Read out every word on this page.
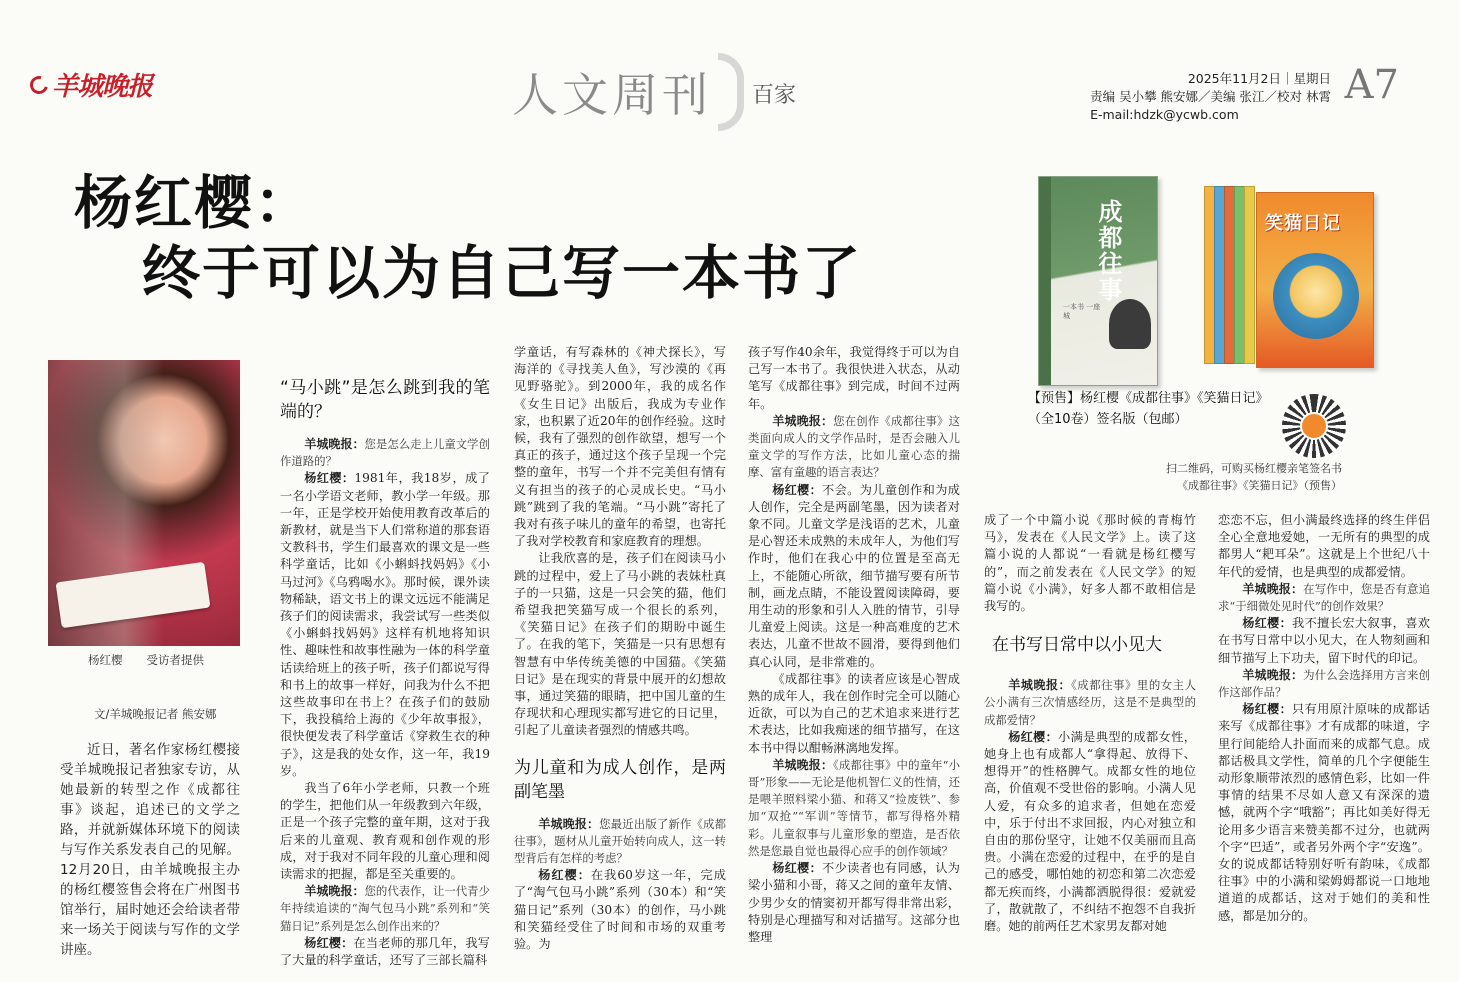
羊城晚报	人文周刊 百家
2025年11月2日｜星期日
责编 吴小攀 熊安娜／美编 张江／校对 林霄
E-mail:hdzk@ycwb.com
A7
杨红樱：
终于可以为自己写一本书了	成都往事
一本书 一座城
笑猫日记
【预售】杨红樱《成都往事》《笑猫日记》（全10卷）签名版（包邮）
扫二维码，可购买杨红樱亲笔签名书
《成都往事》《笑猫日记》（预售）
杨红樱 受访者提供
文/羊城晚报记者 熊安娜
近日，著名作家杨红樱接受羊城晚报记者独家专访，从她最新的转型之作《成都往事》谈起，追述已的文学之路，并就新媒体环境下的阅读与写作关系发表自己的见解。12月20日，由羊城晚报主办的杨红樱签售会将在广州图书馆举行，届时她还会给读者带来一场关于阅读与写作的文学讲座。
“马小跳”是怎么跳到我的笔端的？

羊城晚报：您是怎么走上儿童文学创作道路的？

杨红樱：1981年，我18岁，成了一名小学语文老师，教小学一年级。那一年，正是学校开始使用教育改革后的新教材，就是当下人们常称道的那套语文教科书，学生们最喜欢的课文是一些科学童话，比如《小蝌蚪找妈妈》《小马过河》《乌鸦喝水》。那时候，课外读物稀缺，语文书上的课文远远不能满足孩子们的阅读需求，我尝试写一些类似《小蝌蚪找妈妈》这样有机地将知识性、趣味性和故事性融为一体的科学童话读给班上的孩子听，孩子们都说写得和书上的故事一样好，问我为什么不把这些故事印在书上？在孩子们的鼓励下，我投稿给上海的《少年故事报》，很快便发表了科学童话《穿救生衣的种子》，这是我的处女作，这一年，我19岁。

我当了6年小学老师，只教一个班的学生，把他们从一年级教到六年级，正是一个孩子完整的童年期，这对于我后来的儿童观、教育观和创作观的形成，对于我对不同年段的儿童心理和阅读需求的把握，都是至关重要的。

羊城晚报：您的代表作，让一代青少年持续追读的“淘气包马小跳”系列和“笑猫日记”系列是怎么创作出来的？

杨红樱：在当老师的那几年，我写了大量的科学童话，还写了三部长篇科

学童话，有写森林的《神犬探长》，写海洋的《寻找美人鱼》，写沙漠的《再见野骆驼》。到2000年，我的成名作《女生日记》出版后，我成为专业作家，也积累了近20年的创作经验。这时候，我有了强烈的创作欲望，想写一个真正的孩子，通过这个孩子呈现一个完整的童年，书写一个并不完美但有情有义有担当的孩子的心灵成长史。“马小跳”跳到了我的笔端。“马小跳”寄托了我对有孩子味儿的童年的希望，也寄托了我对学校教育和家庭教育的理想。

让我欣喜的是，孩子们在阅读马小跳的过程中，爱上了马小跳的表妹杜真子的一只猫，这是一只会笑的猫，他们希望我把笑猫写成一个很长的系列，《笑猫日记》在孩子们的期盼中诞生了。在我的笔下，笑猫是一只有思想有智慧有中华传统美德的中国猫。《笑猫日记》是在现实的背景中展开的幻想故事，通过笑猫的眼睛，把中国儿童的生存现状和心理现实都写进它的日记里，引起了儿童读者强烈的情感共鸣。

为儿童和为成人创作，是两副笔墨

羊城晚报：您最近出版了新作《成都往事》，题材从儿童开始转向成人，这一转型背后有怎样的考虑？

杨红樱：在我60岁这一年，完成了“淘气包马小跳”系列（30本）和“笑猫日记”系列（30本）的创作，马小跳和笑猫经受住了时间和市场的双重考验。为

孩子写作40余年，我觉得终于可以为自己写一本书了。我很快进入状态，从动笔写《成都往事》到完成，时间不过两年。

羊城晚报：您在创作《成都往事》这类面向成人的文学作品时，是否会融入儿童文学的写作方法，比如儿童心态的揣摩、富有童趣的语言表达？

杨红樱：不会。为儿童创作和为成人创作，完全是两副笔墨，因为读者对象不同。儿童文学是浅语的艺术，儿童是心智还未成熟的未成年人，为他们写作时，他们在我心中的位置是至高无上，不能随心所欲，细节描写要有所节制，画龙点睛，不能设置阅读障碍，要用生动的形象和引人入胜的情节，引导儿童爱上阅读。这是一种高难度的艺术表达，儿童不世故不圆滑，要得到他们真心认同，是非常难的。

《成都往事》的读者应该是心智成熟的成年人，我在创作时完全可以随心近欲，可以为自己的艺术追求来进行艺术表达，比如我痴迷的细节描写，在这本书中得以酣畅淋漓地发挥。

羊城晚报：《成都往事》中的童年“小哥”形象——无论是他机智仁义的性情，还是喂羊照料梁小猫、和蒋又“捡废铁”、参加“双抢”“军训”等情节，都写得格外精彩。儿童叙事与儿童形象的塑造，是否依然是您最自觉也最得心应手的创作领域？

杨红樱：不少读者也有同感，认为梁小猫和小哥，蒋又之间的童年友情、少男少女的情窦初开都写得非常出彩，特别是心理描写和对话描写。这部分也整理

成了一个中篇小说《那时候的青梅竹马》，发表在《人民文学》上。读了这篇小说的人都说“一看就是杨红樱写的”，而之前发表在《人民文学》的短篇小说《小满》，好多人都不敢相信是我写的。

在书写日常中以小见大

羊城晚报：《成都往事》里的女主人公小满有三次情感经历，这是不是典型的成都爱情？

杨红樱：小满是典型的成都女性，她身上也有成都人“拿得起、放得下、想得开”的性格脾气。成都女性的地位高，价值观不受世俗的影响。小满人见人爱，有众多的追求者，但她在恋爱中，乐于付出不求回报，内心对独立和自由的那份坚守，让她不仅美丽而且高贵。小满在恋爱的过程中，在乎的是自己的感受，哪怕她的初恋和第二次恋爱都无疾而终，小满都洒脱得很：爱就爱了，散就散了，不纠结不抱怨不自我折磨。她的前两任艺术家男友都对她

恋恋不忘，但小满最终选择的终生伴侣全心全意地爱她，一无所有的典型的成都男人“耙耳朵”。这就是上个世纪八十年代的爱情，也是典型的成都爱情。

羊城晚报：在写作中，您是否有意追求“于细微处见时代”的创作效果？

杨红樱：我不擅长宏大叙事，喜欢在书写日常中以小见大，在人物刻画和细节描写上下功夫，留下时代的印记。

羊城晚报：为什么会选择用方言来创作这部作品？

杨红樱：只有用原汁原味的成都话来写《成都往事》才有成都的味道，字里行间能给人扑面而来的成都气息。成都话极具文学性，简单的几个字便能生动形象顺带浓烈的感情色彩，比如一件事情的结果不尽如人意又有深深的遗憾，就两个字“哦豁”；再比如美好得无论用多少语言来赞美都不过分，也就两个字“巴适”，或者另外两个字“安逸”。女的说成都话特别好听有韵味，《成都往事》中的小满和梁姆姆都说一口地地道道的成都话，这对于她们的美和性感，都是加分的。
